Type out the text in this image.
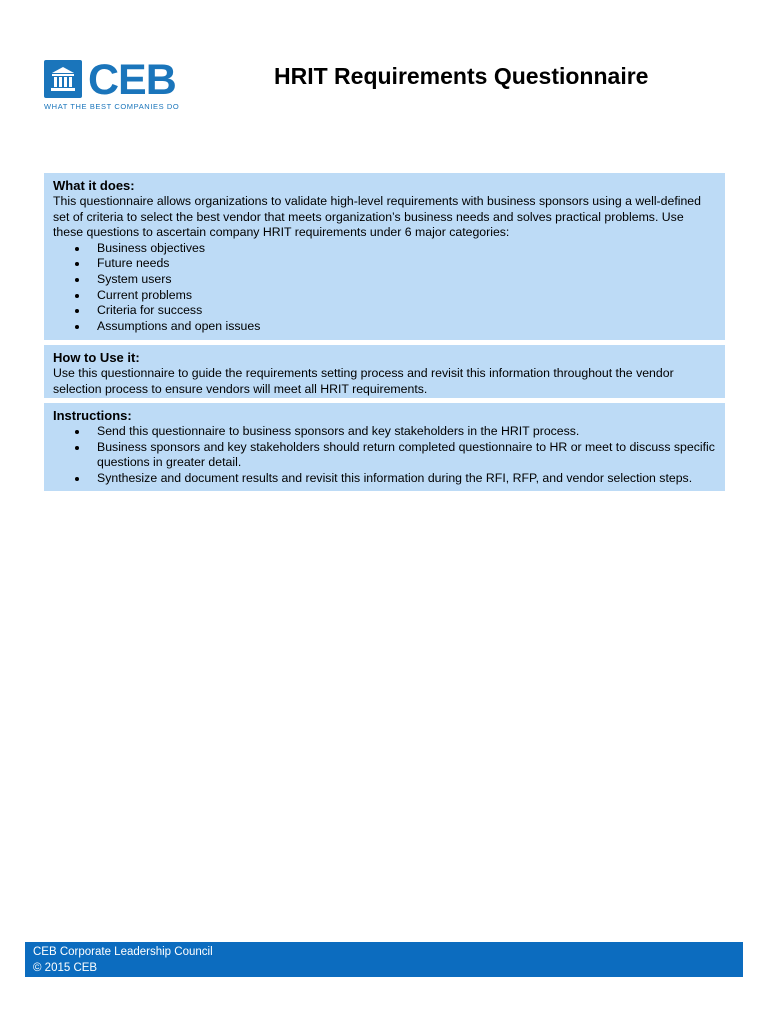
CEB
WHAT THE BEST COMPANIES DO
HRIT Requirements Questionnaire
What it does:

This questionnaire allows organizations to validate high-level requirements with business sponsors using a well-defined set of criteria to select the best vendor that meets organization’s business needs and solves practical problems. Use these questions to ascertain company HRIT requirements under 6 major categories:

Business objectives
Future needs
System users
Current problems
Criteria for success
Assumptions and open issues
How to Use it:

Use this questionnaire to guide the requirements setting process and revisit this information throughout the vendor selection process to ensure vendors will meet all HRIT requirements.

Instructions:
Send this questionnaire to business sponsors and key stakeholders in the HRIT process.
Business sponsors and key stakeholders should return completed questionnaire to HR or meet to discuss specific questions in greater detail.
Synthesize and document results and revisit this information during the RFI, RFP, and vendor selection steps.
CEB Corporate Leadership Council
© 2015 CEB
